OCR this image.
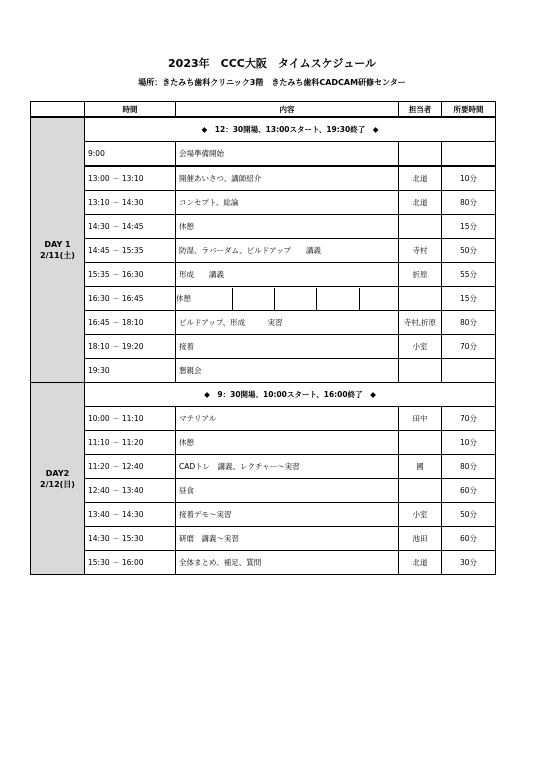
2023年　CCC大阪　タイムスケジュール
場所：きたみち歯科クリニック3階　きたみち歯科CADCAM研修センター
	時間	内容	担当者	所要時間

DAY 1
2/11(土)	◆　12：30開場、13:00スタート、19:30終了　◆			
	9:00	会場準備開始		
	13:00 － 13:10	開催あいさつ、講師紹介	北道	10分
	13:10 － 14:30	コンセプト、総論	北道	80分
	14:30 － 14:45	休憩		15分
	14:45 － 15:35	防湿、ラバーダム、ビルドアップ　　講義	寺村	50分
	15:35 － 16:30	形成　　講義	折原	55分
	16:30 － 16:45	休憩		15分
	16:45 － 18:10	ビルドアップ、形成　　　実習	寺村,折原	80分
	18:10 － 19:20	接着	小室	70分
	19:30	懇親会		

DAY2
2/12(日)	◆　9：30開場、10:00スタート、16:00終了　◆			
	10:00 － 11:10	マテリアル	田中	70分
	11:10 － 11:20	休憩		10分
	11:20 － 12:40	CADトレ　講義、レクチャー～実習	國	80分
	12:40 － 13:40	昼食		60分
	13:40 － 14:30	接着デモ～実習	小室	50分
	14:30 － 15:30	研磨　講義～実習	池田	60分
	15:30 － 16:00	全体まとめ、補足、質問	北道	30分
